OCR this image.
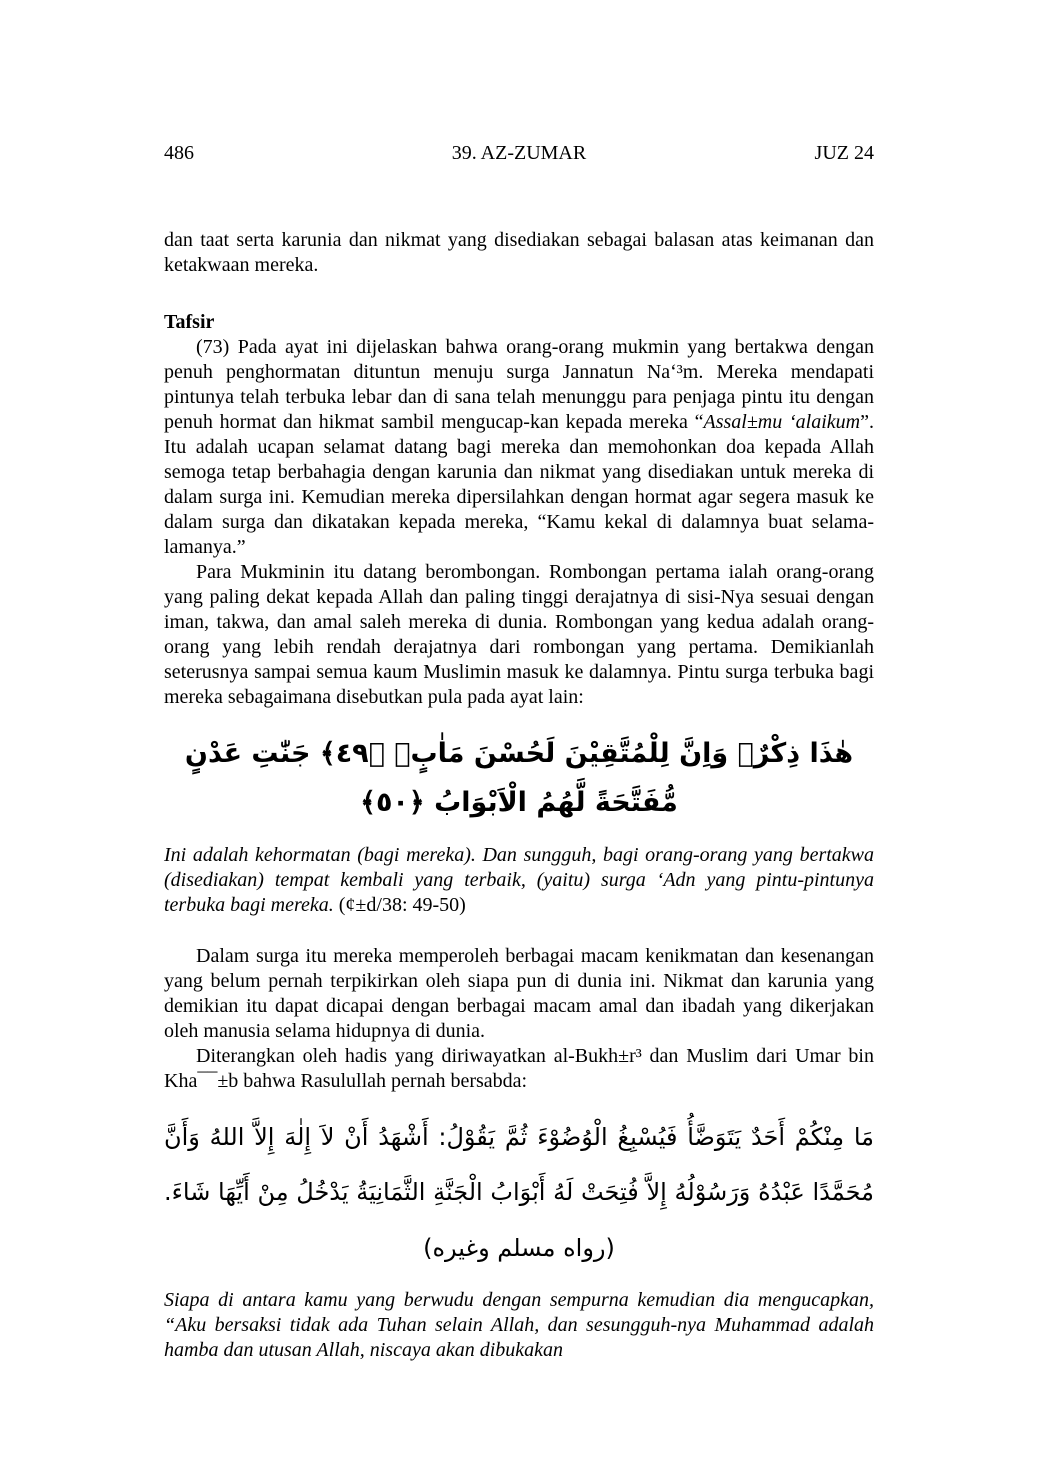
486	39. AZ-ZUMAR	JUZ 24

dan taat serta karunia dan nikmat yang disediakan sebagai balasan atas keimanan dan ketakwaan mereka.

Tafsir

(73) Pada ayat ini dijelaskan bahwa orang-orang mukmin yang bertakwa dengan penuh penghormatan dituntun menuju surga Jannatun Na‘³m. Mereka mendapati pintunya telah terbuka lebar dan di sana telah menunggu para penjaga pintu itu dengan penuh hormat dan hikmat sambil mengucap-kan kepada mereka “Assal±mu ‘alaikum”. Itu adalah ucapan selamat datang bagi mereka dan memohonkan doa kepada Allah semoga tetap berbahagia dengan karunia dan nikmat yang disediakan untuk mereka di dalam surga ini. Kemudian mereka dipersilahkan dengan hormat agar segera masuk ke dalam surga dan dikatakan kepada mereka, “Kamu kekal di dalamnya buat selama-lamanya.”

Para Mukminin itu datang berombongan. Rombongan pertama ialah orang-orang yang paling dekat kepada Allah dan paling tinggi derajatnya di sisi-Nya sesuai dengan iman, takwa, dan amal saleh mereka di dunia. Rombongan yang kedua adalah orang-orang yang lebih rendah derajatnya dari rombongan yang pertama. Demikianlah seterusnya sampai semua kaum Muslimin masuk ke dalamnya. Pintu surga terbuka bagi mereka sebagaimana disebutkan pula pada ayat lain:

هٰذَا ذِكْرٌۗ وَاِنَّ لِلْمُتَّقِيْنَ لَحُسْنَ مَاٰبٍۙ ﴿٤٩﴾ جَنّٰتِ عَدْنٍ مُّفَتَّحَةً لَّهُمُ الْاَبْوَابُ ﴿٥٠﴾

Ini adalah kehormatan (bagi mereka). Dan sungguh, bagi orang-orang yang bertakwa (disediakan) tempat kembali yang terbaik, (yaitu) surga ‘Adn yang pintu-pintunya terbuka bagi mereka. (¢±d/38: 49-50)

Dalam surga itu mereka memperoleh berbagai macam kenikmatan dan kesenangan yang belum pernah terpikirkan oleh siapa pun di dunia ini. Nikmat dan karunia yang demikian itu dapat dicapai dengan berbagai macam amal dan ibadah yang dikerjakan oleh manusia selama hidupnya di dunia.

Diterangkan oleh hadis yang diriwayatkan al-Bukh±r³ dan Muslim dari Umar bin Kha¯¯±b bahwa Rasulullah pernah bersabda:

مَا مِنْكُمْ أَحَدٌ يَتَوَضَّأُ فَيُسْبِغُ الْوُضُوْءَ ثُمَّ يَقُوْلُ: أَشْهَدُ أَنْ لاَ إِلٰهَ إِلاَّ اللهُ وَأَنَّ مُحَمَّدًا عَبْدُهُ وَرَسُوْلُهُ إِلاَّ فُتِحَتْ لَهُ أَبْوَابُ الْجَنَّةِ الثَّمَانِيَةُ يَدْخُلُ مِنْ أَيِّهَا شَاءَ. (رواه مسلم وغيره)

Siapa di antara kamu yang berwudu dengan sempurna kemudian dia mengucapkan, “Aku bersaksi tidak ada Tuhan selain Allah, dan sesungguh-nya Muhammad adalah hamba dan utusan Allah, niscaya akan dibukakan
